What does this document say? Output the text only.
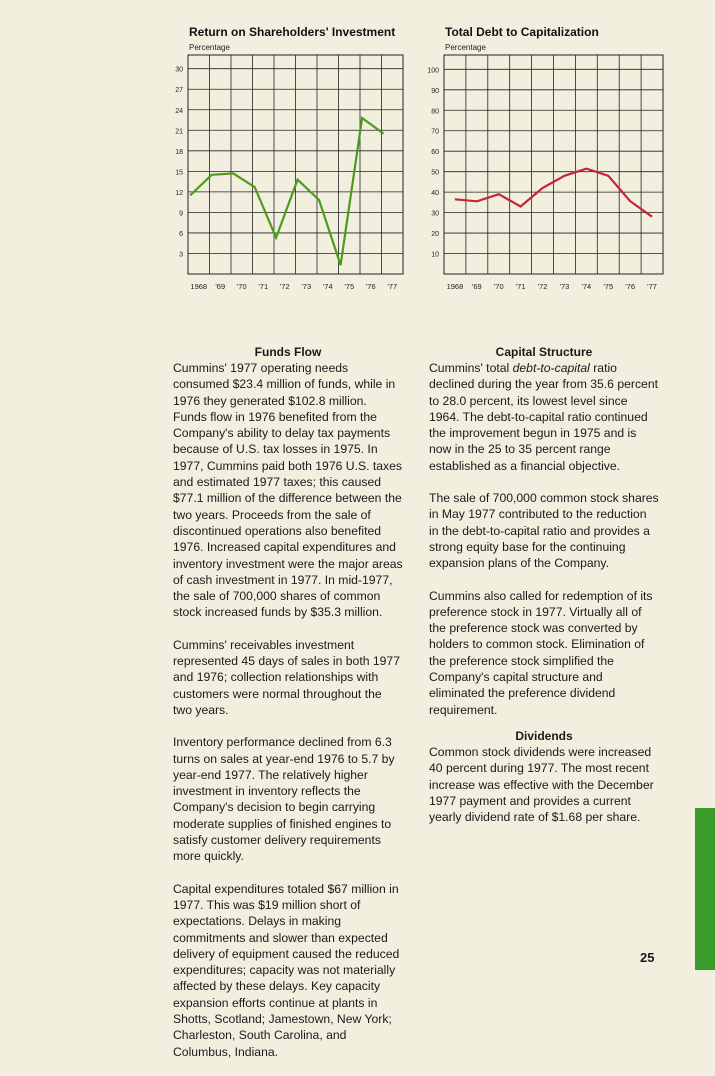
Return on Shareholders' Investment
Percentage
3
6
9
12
15
18
21
24
27
30
1968 '69 '70 '71 '72 '73 '74 '75 '76 '77
Total Debt to Capitalization
Percentage
10
20
30
40
50
60
70
80
90
100
1968 '69 '70 '71 '72 '73 '74 '75 '76 '77
Funds Flow

Cummins' 1977 operating needs consumed $23.4 million of funds, while in 1976 they generated $102.8 million. Funds flow in 1976 benefited from the Company's ability to delay tax payments because of U.S. tax losses in 1975. In 1977, Cummins paid both 1976 U.S. taxes and estimated 1977 taxes; this caused $77.1 million of the difference between the two years. Proceeds from the sale of discontinued operations also benefited 1976. Increased capital expenditures and inventory investment were the major areas of cash investment in 1977. In mid-1977, the sale of 700,000 shares of common stock increased funds by $35.3 million.

Cummins' receivables investment represented 45 days of sales in both 1977 and 1976; collection relationships with customers were normal throughout the two years.

Inventory performance declined from 6.3 turns on sales at year-end 1976 to 5.7 by year-end 1977. The relatively higher investment in inventory reflects the Company's decision to begin carrying moderate supplies of finished engines to satisfy customer delivery requirements more quickly.

Capital expenditures totaled $67 million in 1977. This was $19 million short of expectations. Delays in making commitments and slower than expected delivery of equipment caused the reduced expenditures; capacity was not materially affected by these delays. Key capacity expansion efforts continue at plants in Shotts, Scotland; Jamestown, New York; Charleston, South Carolina, and Columbus, Indiana.

Capital Structure

Cummins' total debt-to-capital ratio declined during the year from 35.6 percent to 28.0 percent, its lowest level since 1964. The debt-to-capital ratio continued the improvement begun in 1975 and is now in the 25 to 35 percent range established as a financial objective.

The sale of 700,000 common stock shares in May 1977 contributed to the reduction in the debt-to-capital ratio and provides a strong equity base for the continuing expansion plans of the Company.

Cummins also called for redemption of its preference stock in 1977. Virtually all of the preference stock was converted by holders to common stock. Elimination of the preference stock simplified the Company's capital structure and eliminated the preference dividend requirement.

Dividends

Common stock dividends were increased 40 percent during 1977. The most recent increase was effective with the December 1977 payment and provides a current yearly dividend rate of $1.68 per share.

25
